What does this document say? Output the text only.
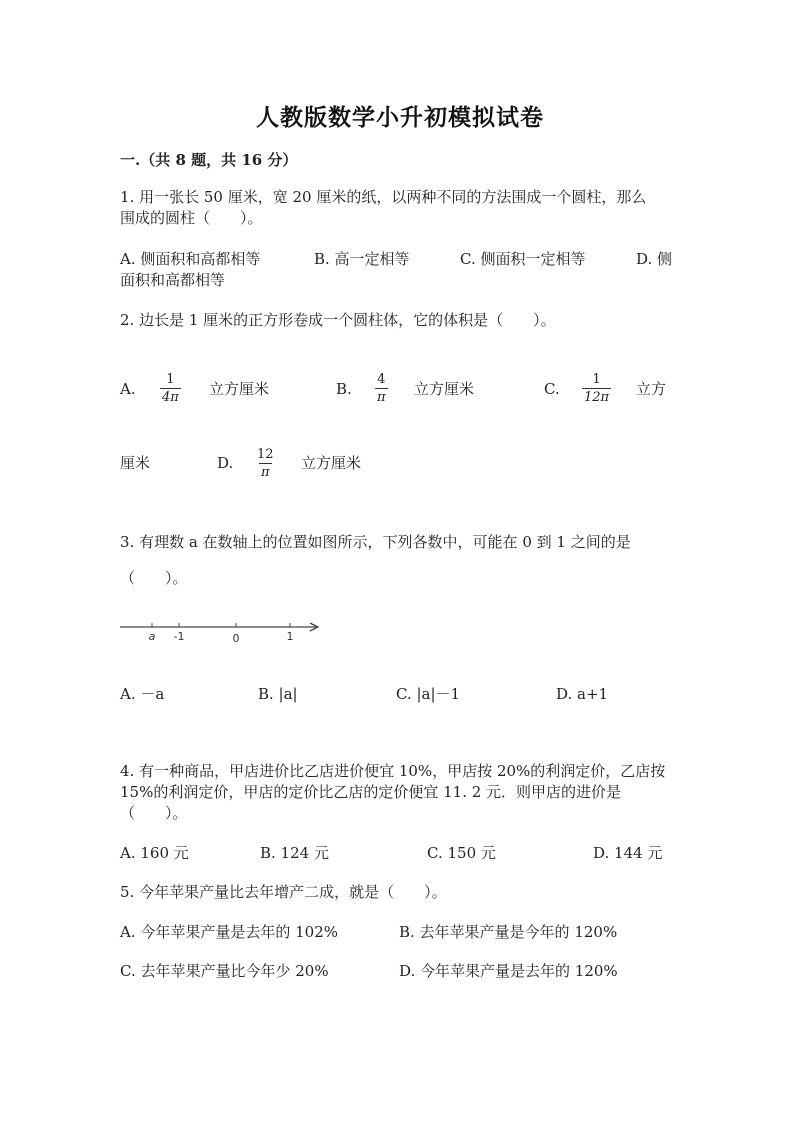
人教版数学小升初模拟试卷
一.（共 8 题，共 16 分）
1. 用一张长 50 厘米，宽 20 厘米的纸，以两种不同的方法围成一个圆柱，那么
围成的圆柱（　　）。
A. 侧面积和高都相等	B. 高一定相等	C. 侧面积一定相等	D. 侧
面积和高都相等
2. 边长是 1 厘米的正方形卷成一个圆柱体，它的体积是（　　）。
A. $\frac{1}{4\pi}$ 立方厘米	B. $\frac{4}{\pi}$ 立方厘米	C. $\frac{1}{12\pi}$ 立方
厘米	D. $\frac{12}{\pi}$ 立方厘米
3. 有理数 a 在数轴上的位置如图所示，下列各数中，可能在 0 到 1 之间的是
（　　）。
a -1	0	1
A. －a	B. |a|	C. |a|－1	D. a+1
4. 有一种商品，甲店进价比乙店进价便宜 10%，甲店按 20%的利润定价，乙店按
15%的利润定价，甲店的定价比乙店的定价便宜 11. 2 元．则甲店的进价是
（　　）。
A. 160 元	B. 124 元	C. 150 元	D. 144 元
5. 今年苹果产量比去年增产二成，就是（　　）。
A. 今年苹果产量是去年的 102%	B. 去年苹果产量是今年的 120%
C. 去年苹果产量比今年少 20%	D. 今年苹果产量是去年的 120%
